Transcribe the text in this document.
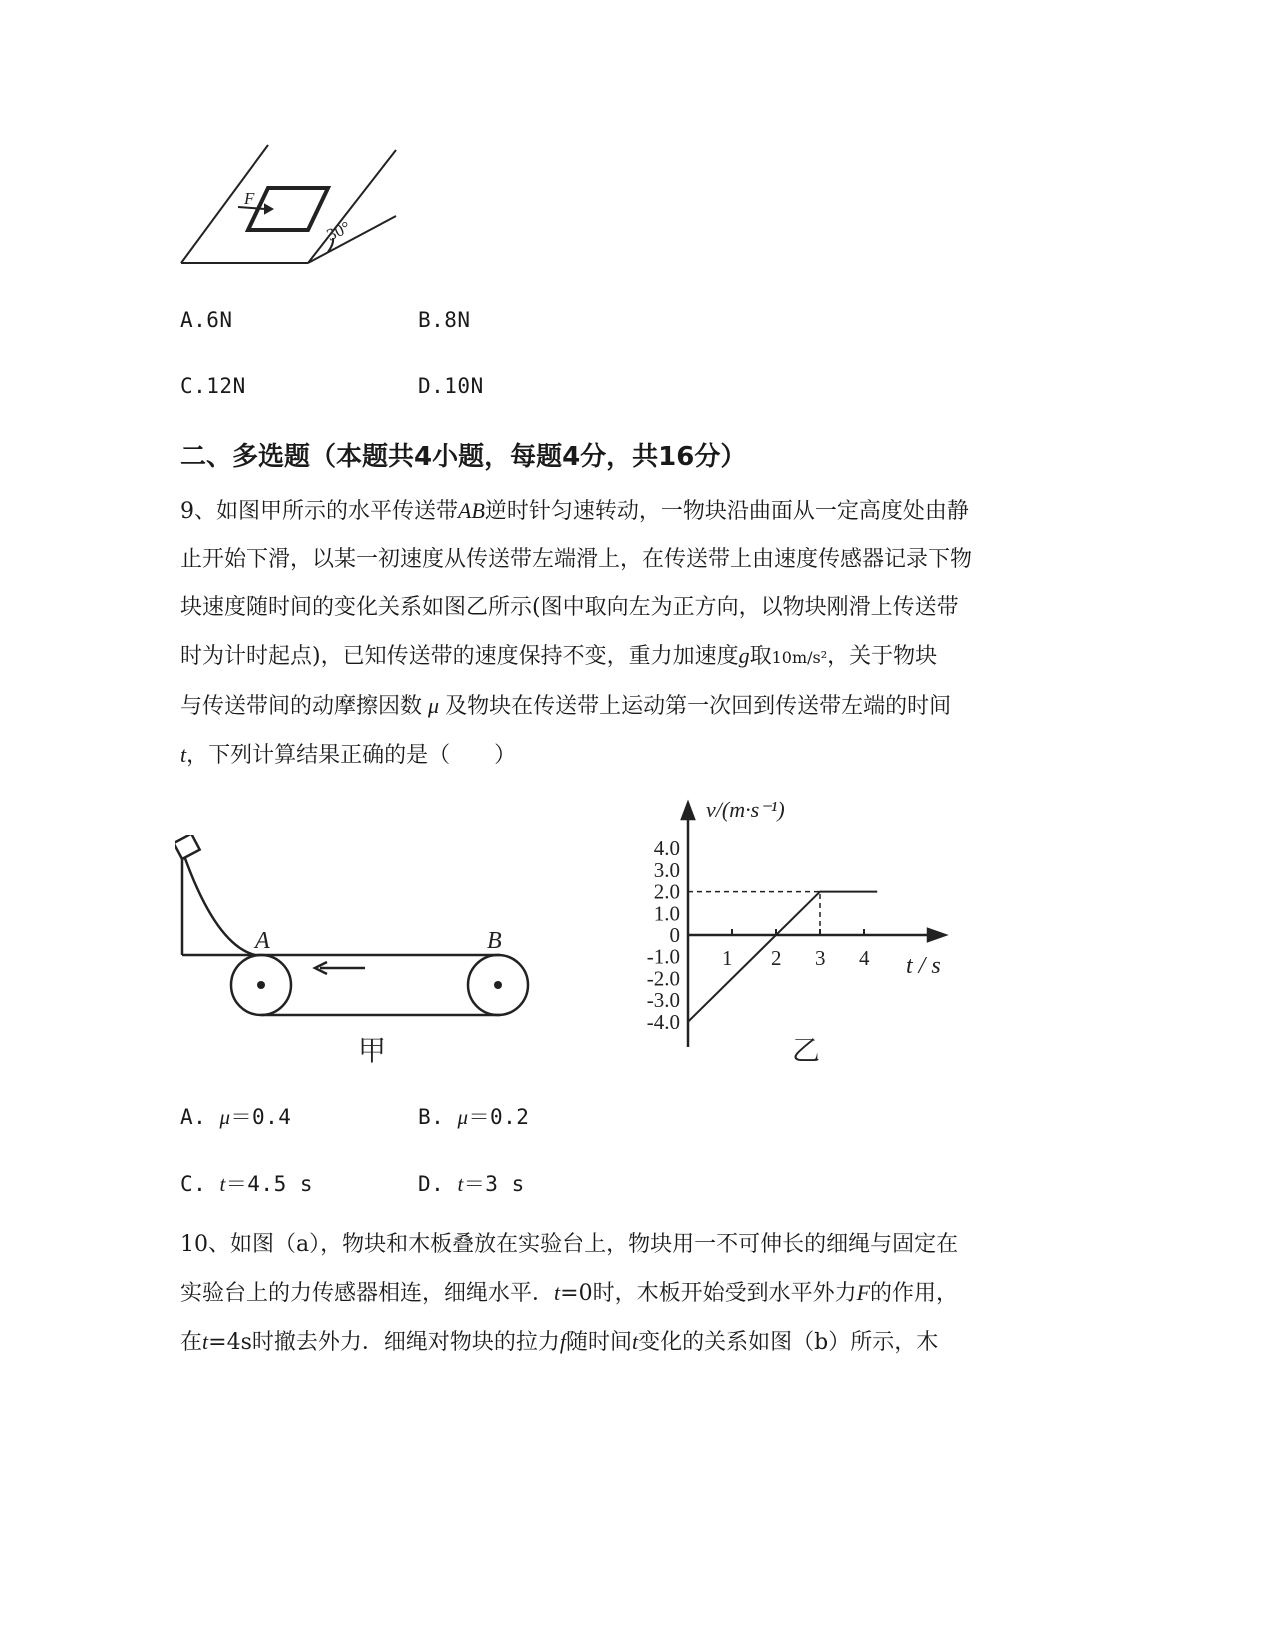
F
30°
A.6N	B.8N
C.12N	D.10N
二、多选题（本题共4小题，每题4分，共16分）
9、如图甲所示的水平传送带AB逆时针匀速转动，一物块沿曲面从一定高度处由静
止开始下滑，以某一初速度从传送带左端滑上，在传送带上由速度传感器记录下物
块速度随时间的变化关系如图乙所示(图中取向左为正方向，以物块刚滑上传送带
时为计时起点)，已知传送带的速度保持不变，重力加速度g取10m/s²，关于物块
与传送带间的动摩擦因数 μ 及物块在传送带上运动第一次回到传送带左端的时间
t，下列计算结果正确的是（　　）
A	B
甲
4.0
3.0
2.0
1.0
0
-1.0
-2.0
-3.0
-4.0
1 2 3 4
v/(m·s⁻¹)
t / s
乙
A. μ＝0.4	B. μ＝0.2
C. t＝4.5 s	D. t＝3 s
10、如图（a），物块和木板叠放在实验台上，物块用一不可伸长的细绳与固定在
实验台上的力传感器相连，细绳水平．t=0时，木板开始受到水平外力F的作用，
在t=4s时撤去外力．细绳对物块的拉力f随时间t变化的关系如图（b）所示，木
